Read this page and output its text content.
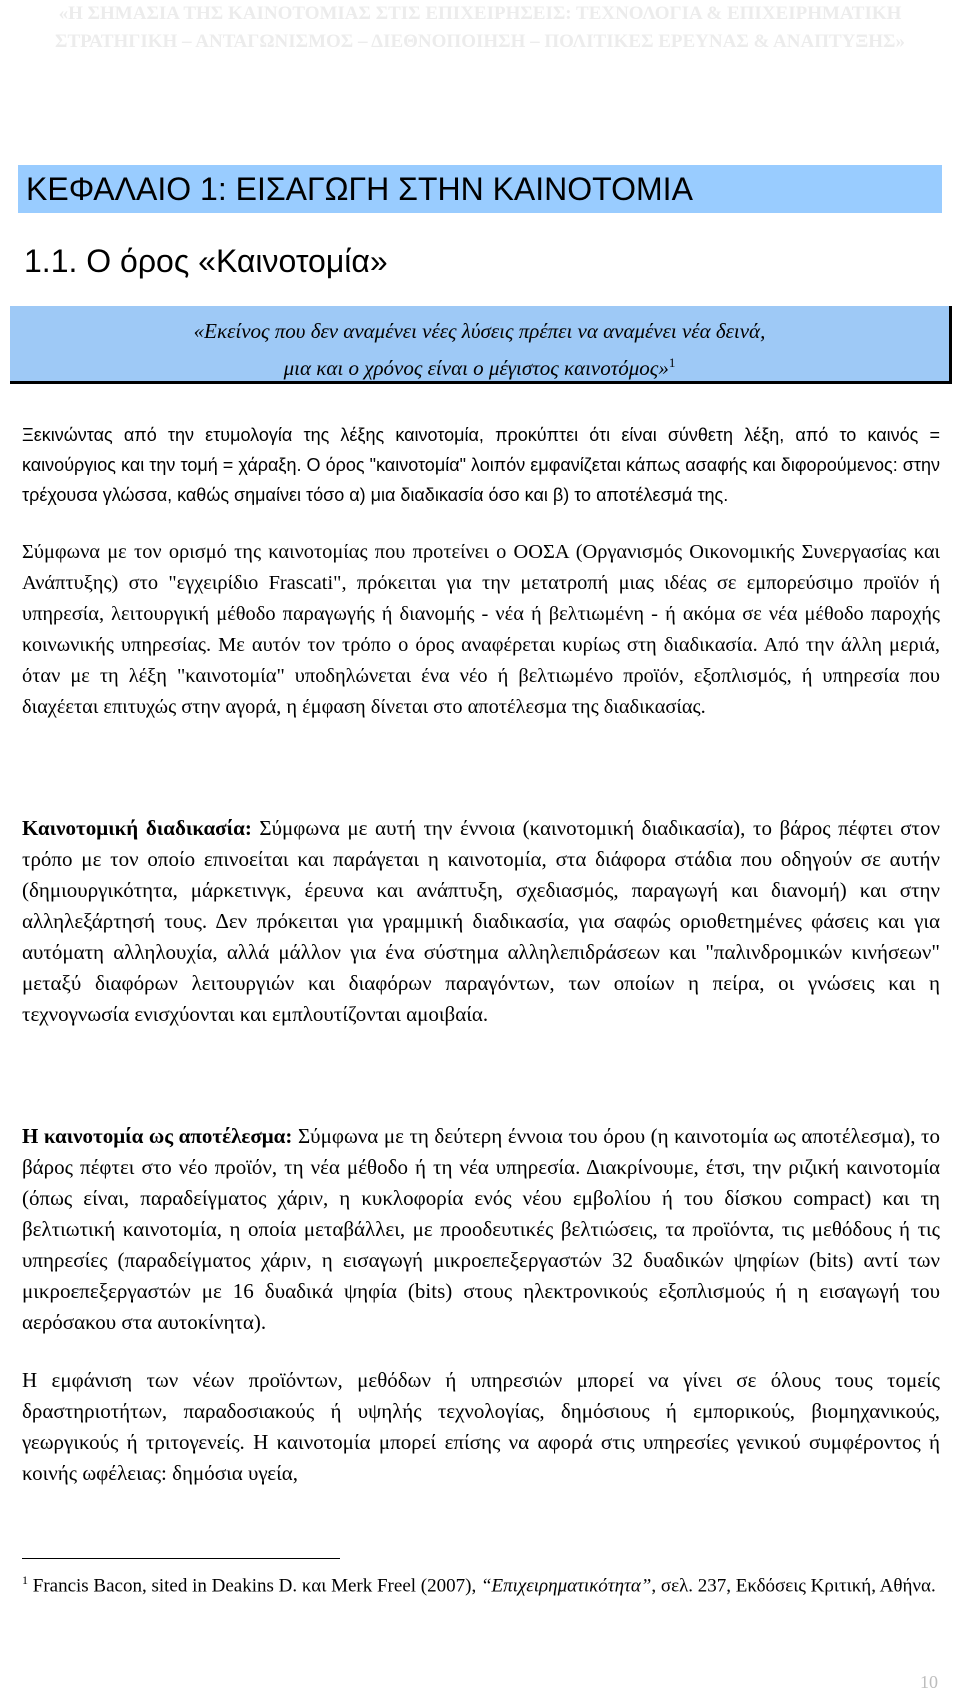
«Η ΣΗΜΑΣΙΑ ΤΗΣ ΚΑΙΝΟΤΟΜΙΑΣ ΣΤΙΣ ΕΠΙΧΕΙΡΗΣΕΙΣ: ΤΕΧΝΟΛΟΓΙΑ & ΕΠΙΧΕΙΡΗΜΑΤΙΚΗ
ΣΤΡΑΤΗΓΙΚΗ – ΑΝΤΑΓΩΝΙΣΜΟΣ – ΔΙΕΘΝΟΠΟΙΗΣΗ – ΠΟΛΙΤΙΚΕΣ ΕΡΕΥΝΑΣ & ΑΝΑΠΤΥΞΗΣ»
ΚΕΦΑΛΑΙΟ 1: ΕΙΣΑΓΩΓΗ ΣΤΗΝ ΚΑΙΝΟΤΟΜΙΑ
1.1. Ο όρος «Καινοτομία»
«Εκείνος που δεν αναμένει νέες λύσεις πρέπει να αναμένει νέα δεινά,
μια και ο χρόνος είναι ο μέγιστος καινοτόμος»$^1$
Ξεκινώντας από την ετυμολογία της λέξης καινοτομία, προκύπτει ότι είναι σύνθετη λέξη, από το καινός = καινούργιος και την τομή = χάραξη. Ο όρος "καινοτομία" λοιπόν εμφανίζεται κάπως ασαφής και διφορούμενος: στην τρέχουσα γλώσσα, καθώς σημαίνει τόσο α) μια διαδικασία όσο και β) το αποτέλεσμά της.
Σύμφωνα με τον ορισμό της καινοτομίας που προτείνει ο ΟΟΣΑ (Οργανισμός Οικονομικής Συνεργασίας και Ανάπτυξης) στο "εγχειρίδιο Frascati", πρόκειται για την μετατροπή μιας ιδέας σε εμπορεύσιμο προϊόν ή υπηρεσία, λειτουργική μέθοδο παραγωγής ή διανομής - νέα ή βελτιωμένη - ή ακόμα σε νέα μέθοδο παροχής κοινωνικής υπηρεσίας. Με αυτόν τον τρόπο ο όρος αναφέρεται κυρίως στη διαδικασία. Από την άλλη μεριά, όταν με τη λέξη "καινοτομία" υποδηλώνεται ένα νέο ή βελτιωμένο προϊόν, εξοπλισμός, ή υπηρεσία που διαχέεται επιτυχώς στην αγορά, η έμφαση δίνεται στο αποτέλεσμα της διαδικασίας.
Καινοτομική διαδικασία: Σύμφωνα με αυτή την έννοια (καινοτομική διαδικασία), το βάρος πέφτει στον τρόπο με τον οποίο επινοείται και παράγεται η καινοτομία, στα διάφορα στάδια που οδηγούν σε αυτήν (δημιουργικότητα, μάρκετινγκ, έρευνα και ανάπτυξη, σχεδιασμός, παραγωγή και διανομή) και στην αλληλεξάρτησή τους. Δεν πρόκειται για γραμμική διαδικασία, για σαφώς οριοθετημένες φάσεις και για αυτόματη αλληλουχία, αλλά μάλλον για ένα σύστημα αλληλεπιδράσεων και "παλινδρομικών κινήσεων" μεταξύ διαφόρων λειτουργιών και διαφόρων παραγόντων, των οποίων η πείρα, οι γνώσεις και η τεχνογνωσία ενισχύονται και εμπλουτίζονται αμοιβαία.
Η καινοτομία ως αποτέλεσμα: Σύμφωνα με τη δεύτερη έννοια του όρου (η καινοτομία ως αποτέλεσμα), το βάρος πέφτει στο νέο προϊόν, τη νέα μέθοδο ή τη νέα υπηρεσία. Διακρίνουμε, έτσι, την ριζική καινοτομία (όπως είναι, παραδείγματος χάριν, η κυκλοφορία ενός νέου εμβολίου ή του δίσκου compact) και τη βελτιωτική καινοτομία, η οποία μεταβάλλει, με προοδευτικές βελτιώσεις, τα προϊόντα, τις μεθόδους ή τις υπηρεσίες (παραδείγματος χάριν, η εισαγωγή μικροεπεξεργαστών 32 δυαδικών ψηφίων (bits) αντί των μικροεπεξεργαστών με 16 δυαδικά ψηφία (bits) στους ηλεκτρονικούς εξοπλισμούς ή η εισαγωγή του αερόσακου στα αυτοκίνητα).
Η εμφάνιση των νέων προϊόντων, μεθόδων ή υπηρεσιών μπορεί να γίνει σε όλους τους τομείς δραστηριοτήτων, παραδοσιακούς ή υψηλής τεχνολογίας, δημόσιους ή εμπορικούς, βιομηχανικούς, γεωργικούς ή τριτογενείς. Η καινοτομία μπορεί επίσης να αφορά στις υπηρεσίες γενικού συμφέροντος ή κοινής ωφέλειας: δημόσια υγεία,
$^1$ Francis Bacon, sited in Deakins D. και Merk Freel (2007), “Επιχειρηματικότητα”, σελ. 237, Εκδόσεις Κριτική, Αθήνα.
10
